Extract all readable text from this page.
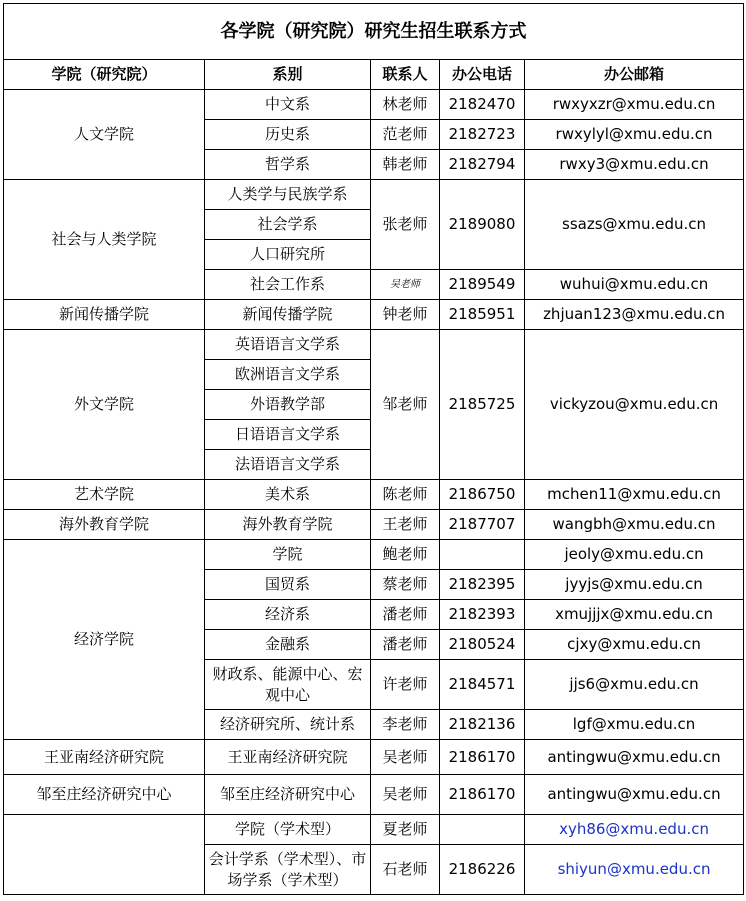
各学院（研究院）研究生招生联系方式				
学院（研究院）	系别	联系人	办公电话	办公邮箱
人文学院	中文系	林老师	2182470	rwxyxzr@xmu.edu.cn
	历史系	范老师	2182723	rwxylyl@xmu.edu.cn
	哲学系	韩老师	2182794	rwxy3@xmu.edu.cn
社会与人类学院	人类学与民族学系	张老师	2189080	ssazs@xmu.edu.cn
	社会学系			
	人口研究所			
	社会工作系	吴老师	2189549	wuhui@xmu.edu.cn
新闻传播学院	新闻传播学院	钟老师	2185951	zhjuan123@xmu.edu.cn
外文学院	英语语言文学系	邹老师	2185725	vickyzou@xmu.edu.cn
	欧洲语言文学系			
	外语教学部			
	日语语言文学系			
	法语语言文学系			
艺术学院	美术系	陈老师	2186750	mchen11@xmu.edu.cn
海外教育学院	海外教育学院	王老师	2187707	wangbh@xmu.edu.cn
经济学院	学院	鲍老师		jeoly@xmu.edu.cn
	国贸系	蔡老师	2182395	jyyjs@xmu.edu.cn
	经济系	潘老师	2182393	xmujjjx@xmu.edu.cn
	金融系	潘老师	2180524	cjxy@xmu.edu.cn
	财政系、能源中心、宏观中心	许老师	2184571	jjs6@xmu.edu.cn
	经济研究所、统计系	李老师	2182136	lgf@xmu.edu.cn
王亚南经济研究院	王亚南经济研究院	吴老师	2186170	antingwu@xmu.edu.cn
邹至庄经济研究中心	邹至庄经济研究中心	吴老师	2186170	antingwu@xmu.edu.cn
	学院（学术型）	夏老师		xyh86@xmu.edu.cn
	会计学系（学术型）、市场学系（学术型）	石老师	2186226	shiyun@xmu.edu.cn
